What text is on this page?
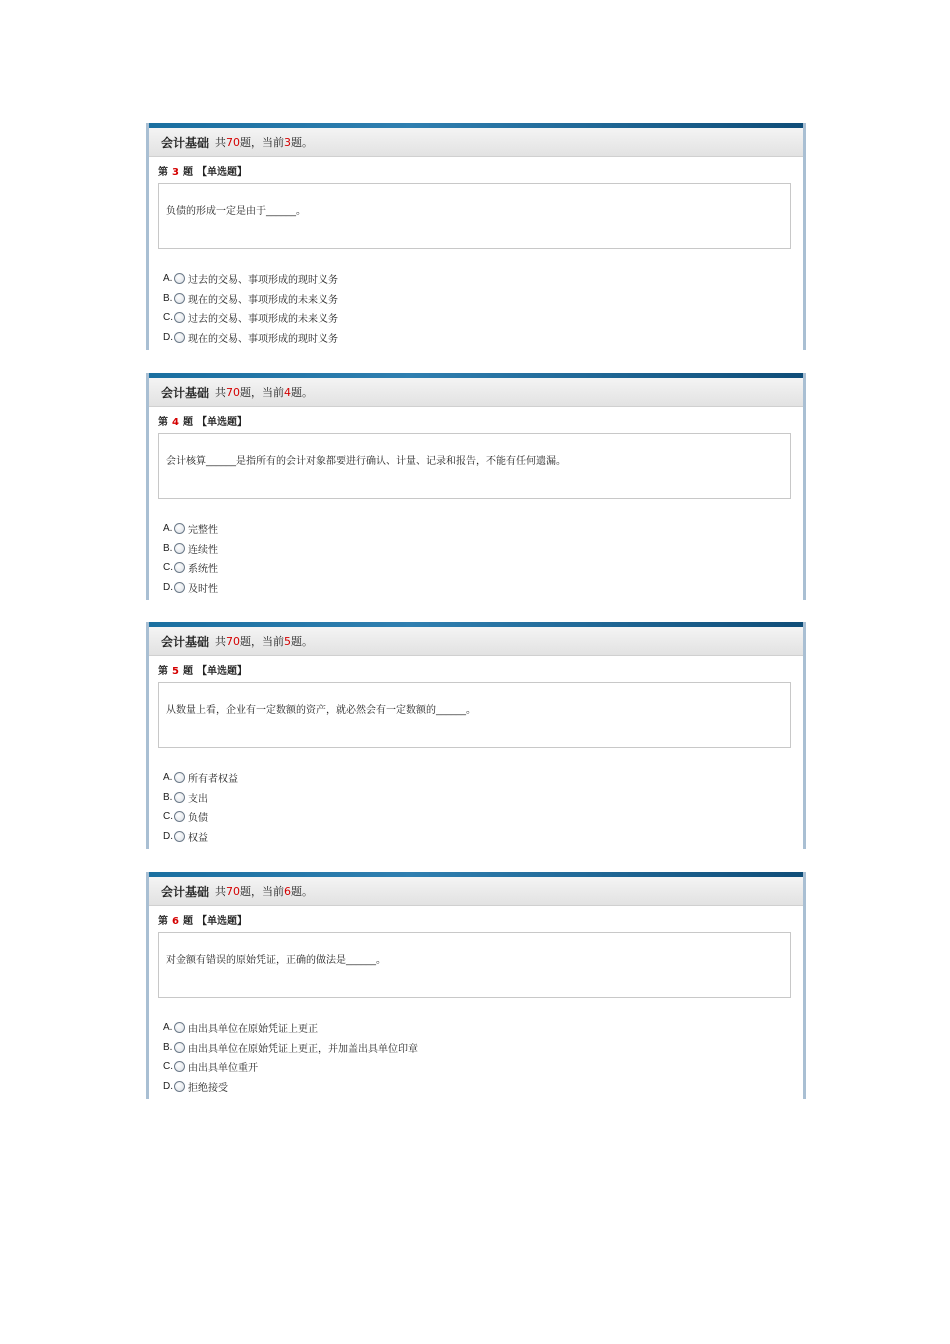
会计基础 共 70 题，当前 3 题。
第 3 题 【单选题】
负债的形成一定是由于______。
A. 过去的交易、事项形成的现时义务
B. 现在的交易、事项形成的未来义务
C. 过去的交易、事项形成的未来义务
D. 现在的交易、事项形成的现时义务
会计基础 共 70 题，当前 4 题。
第 4 题 【单选题】
会计核算______是指所有的会计对象都要进行确认、计量、记录和报告，不能有任何遗漏。
A. 完整性
B. 连续性
C. 系统性
D. 及时性
会计基础 共 70 题，当前 5 题。
第 5 题 【单选题】
从数量上看，企业有一定数额的资产，就必然会有一定数额的______。
A. 所有者权益
B. 支出
C. 负债
D. 权益
会计基础 共 70 题，当前 6 题。
第 6 题 【单选题】
对金额有错误的原始凭证，正确的做法是______。
A. 由出具单位在原始凭证上更正
B. 由出具单位在原始凭证上更正，并加盖出具单位印章
C. 由出具单位重开
D. 拒绝接受
